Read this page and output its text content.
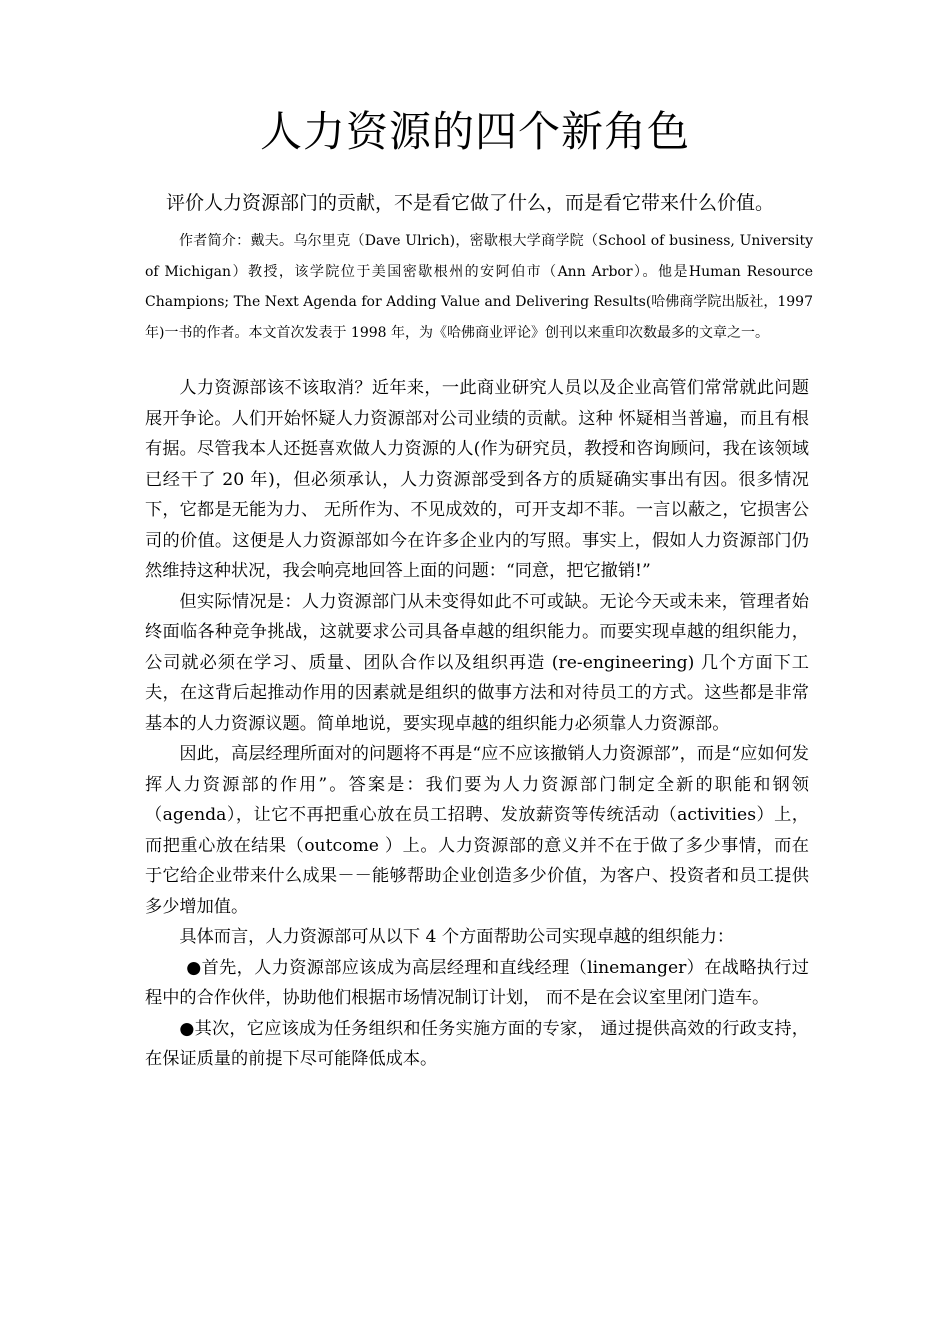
人力资源的四个新角色

评价人力资源部门的贡献，不是看它做了什么，而是看它带来什么价值。

作者简介：戴夫。乌尔里克（Dave Ulrich)，密歇根大学商学院（School of business, University of Michigan）教授，该学院位于美国密歇根州的安阿伯市（Ann Arbor）。他是Human Resource Champions; The Next Agenda for Adding Value and Delivering Results(哈佛商学院出版社，1997 年)一书的作者。本文首次发表于 1998 年，为《哈佛商业评论》创刊以来重印次数最多的文章之一。

人力资源部该不该取消？近年来，一此商业研究人员以及企业高管们常常就此问题展开争论。人们开始怀疑人力资源部对公司业绩的贡献。这种 怀疑相当普遍，而且有根有据。尽管我本人还挺喜欢做人力资源的人(作为研究员，教授和咨询顾问，我在该领域已经干了 20 年)，但必须承认，人力资源部受到各方的质疑确实事出有因。很多情况下，它都是无能为力、 无所作为、不见成效的，可开支却不菲。一言以蔽之，它损害公司的价值。这便是人力资源部如今在许多企业内的写照。事实上，假如人力资源部门仍然维持这种状况，我会响亮地回答上面的问题：“同意，把它撤销!”

但实际情况是：人力资源部门从未变得如此不可或缺。无论今天或未来，管理者始终面临各种竞争挑战，这就要求公司具备卓越的组织能力。而要实现卓越的组织能力，公司就必须在学习、质量、团队合作以及组织再造 (re-engineering) 几个方面下工夫，在这背后起推动作用的因素就是组织的做事方法和对待员工的方式。这些都是非常基本的人力资源议题。简单地说，要实现卓越的组织能力必须靠人力资源部。

因此，高层经理所面对的问题将不再是“应不应该撤销人力资源部”，而是“应如何发挥人力资源部的作用”。答案是：我们要为人力资源部门制定全新的职能和钢领（agenda），让它不再把重心放在员工招聘、发放薪资等传统活动（activities）上，而把重心放在结果（outcome ）上。人力资源部的意义并不在于做了多少事情，而在于它给企业带来什么成果－－能够帮助企业创造多少价值，为客户、投资者和员工提供多少增加值。

具体而言，人力资源部可从以下 4 个方面帮助公司实现卓越的组织能力：

●首先，人力资源部应该成为高层经理和直线经理（linemanger）在战略执行过程中的合作伙伴，协助他们根据市场情况制订计划， 而不是在会议室里闭门造车。

●其次，它应该成为任务组织和任务实施方面的专家， 通过提供高效的行政支持，在保证质量的前提下尽可能降低成本。
